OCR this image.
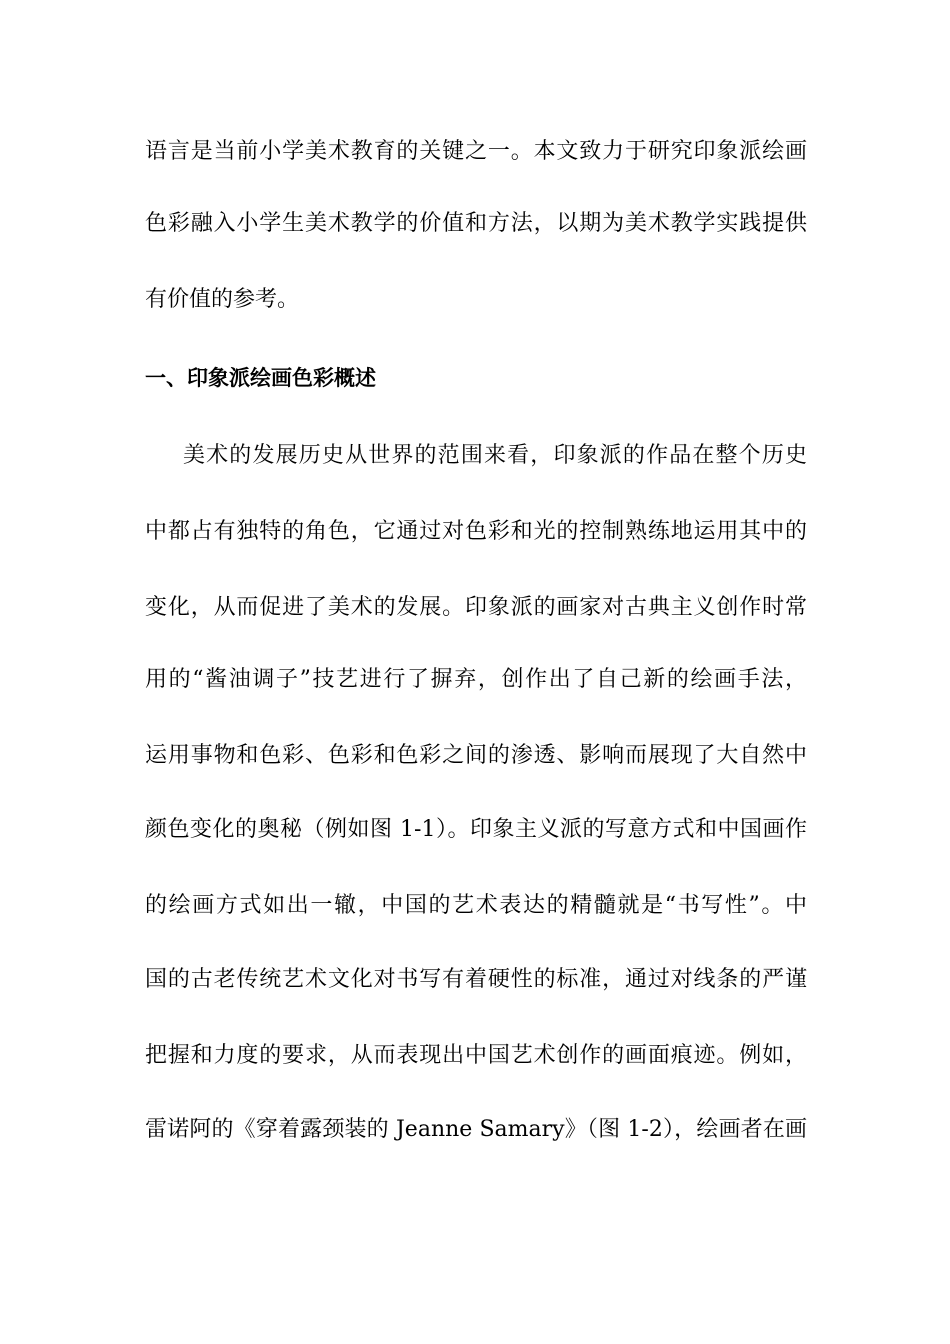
语言是当前小学美术教育的关键之一。本文致力于研究印象派绘画
色彩融入小学生美术教学的价值和方法，以期为美术教学实践提供
有价值的参考。
一、印象派绘画色彩概述
美术的发展历史从世界的范围来看，印象派的作品在整个历史
中都占有独特的角色，它通过对色彩和光的控制熟练地运用其中的
变化，从而促进了美术的发展。印象派的画家对古典主义创作时常
用的“酱油调子”技艺进行了摒弃，创作出了自己新的绘画手法，
运用事物和色彩、色彩和色彩之间的渗透、影响而展现了大自然中
颜色变化的奥秘（例如图 1-1）。印象主义派的写意方式和中国画作
的绘画方式如出一辙，中国的艺术表达的精髓就是“书写性”。中
国的古老传统艺术文化对书写有着硬性的标准，通过对线条的严谨
把握和力度的要求，从而表现出中国艺术创作的画面痕迹。例如，
雷诺阿的《穿着露颈装的 Jeanne Samary》（图 1-2），绘画者在画
